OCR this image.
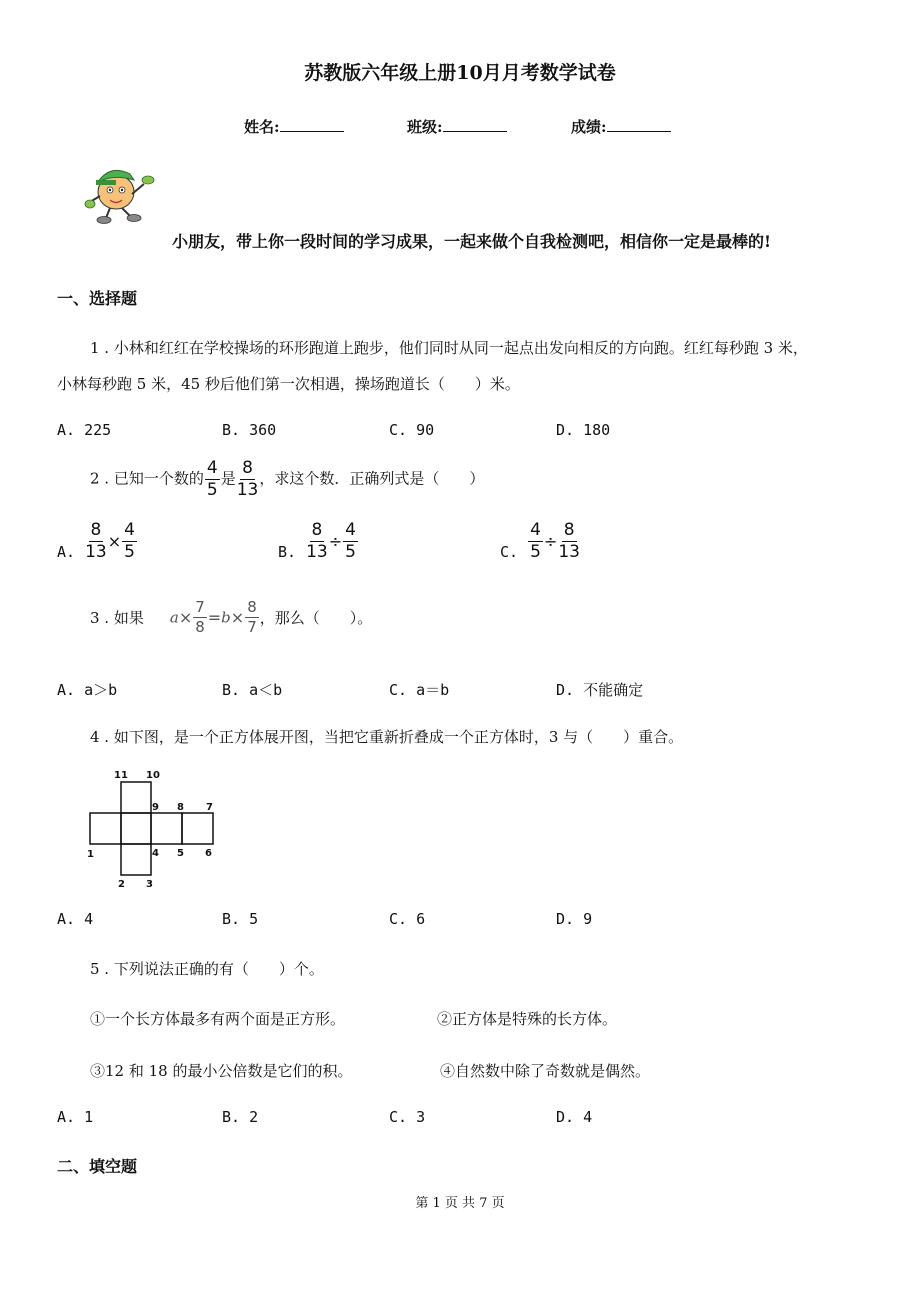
苏教版六年级上册10月月考数学试卷
姓名:	班级:	成绩:
小朋友，带上你一段时间的学习成果，一起来做个自我检测吧，相信你一定是最棒的!
一、选择题
1 . 小林和红红在学校操场的环形跑道上跑步，他们同时从同一起点出发向相反的方向跑。红红每秒跑 3 米，
小林每秒跑 5 米，45 秒后他们第一次相遇，操场跑道长（　　）米。
A. 225	B. 360	C. 90	D. 180
2 . 已知一个数的 $\frac{4}{5}$ 是 $\frac{8}{13}$ ，求这个数．正确列式是（　　）
A. $\frac{8}{13} \times \frac{4}{5}$	B. $\frac{8}{13} \div \frac{4}{5}$	C. $\frac{4}{5} \div \frac{8}{13}$
3 . 如果 $a\times \frac{7}{8} =b\times \frac{8}{7}$ ，那么（　　）。
A. a＞b	B. a＜b	C. a＝b	D. 不能确定
4 . 如下图，是一个正方体展开图，当把它重新折叠成一个正方体时，3 与（　　）重合。
11 10
9 8 7
1	4 5 6
2 3
A. 4	B. 5	C. 6	D. 9
5 . 下列说法正确的有（　　）个。
①一个长方体最多有两个面是正方形。	②正方体是特殊的长方体。
③12 和 18 的最小公倍数是它们的积。	④自然数中除了奇数就是偶然。
A. 1	B. 2	C. 3	D. 4
二、填空题
第 1 页 共 7 页
